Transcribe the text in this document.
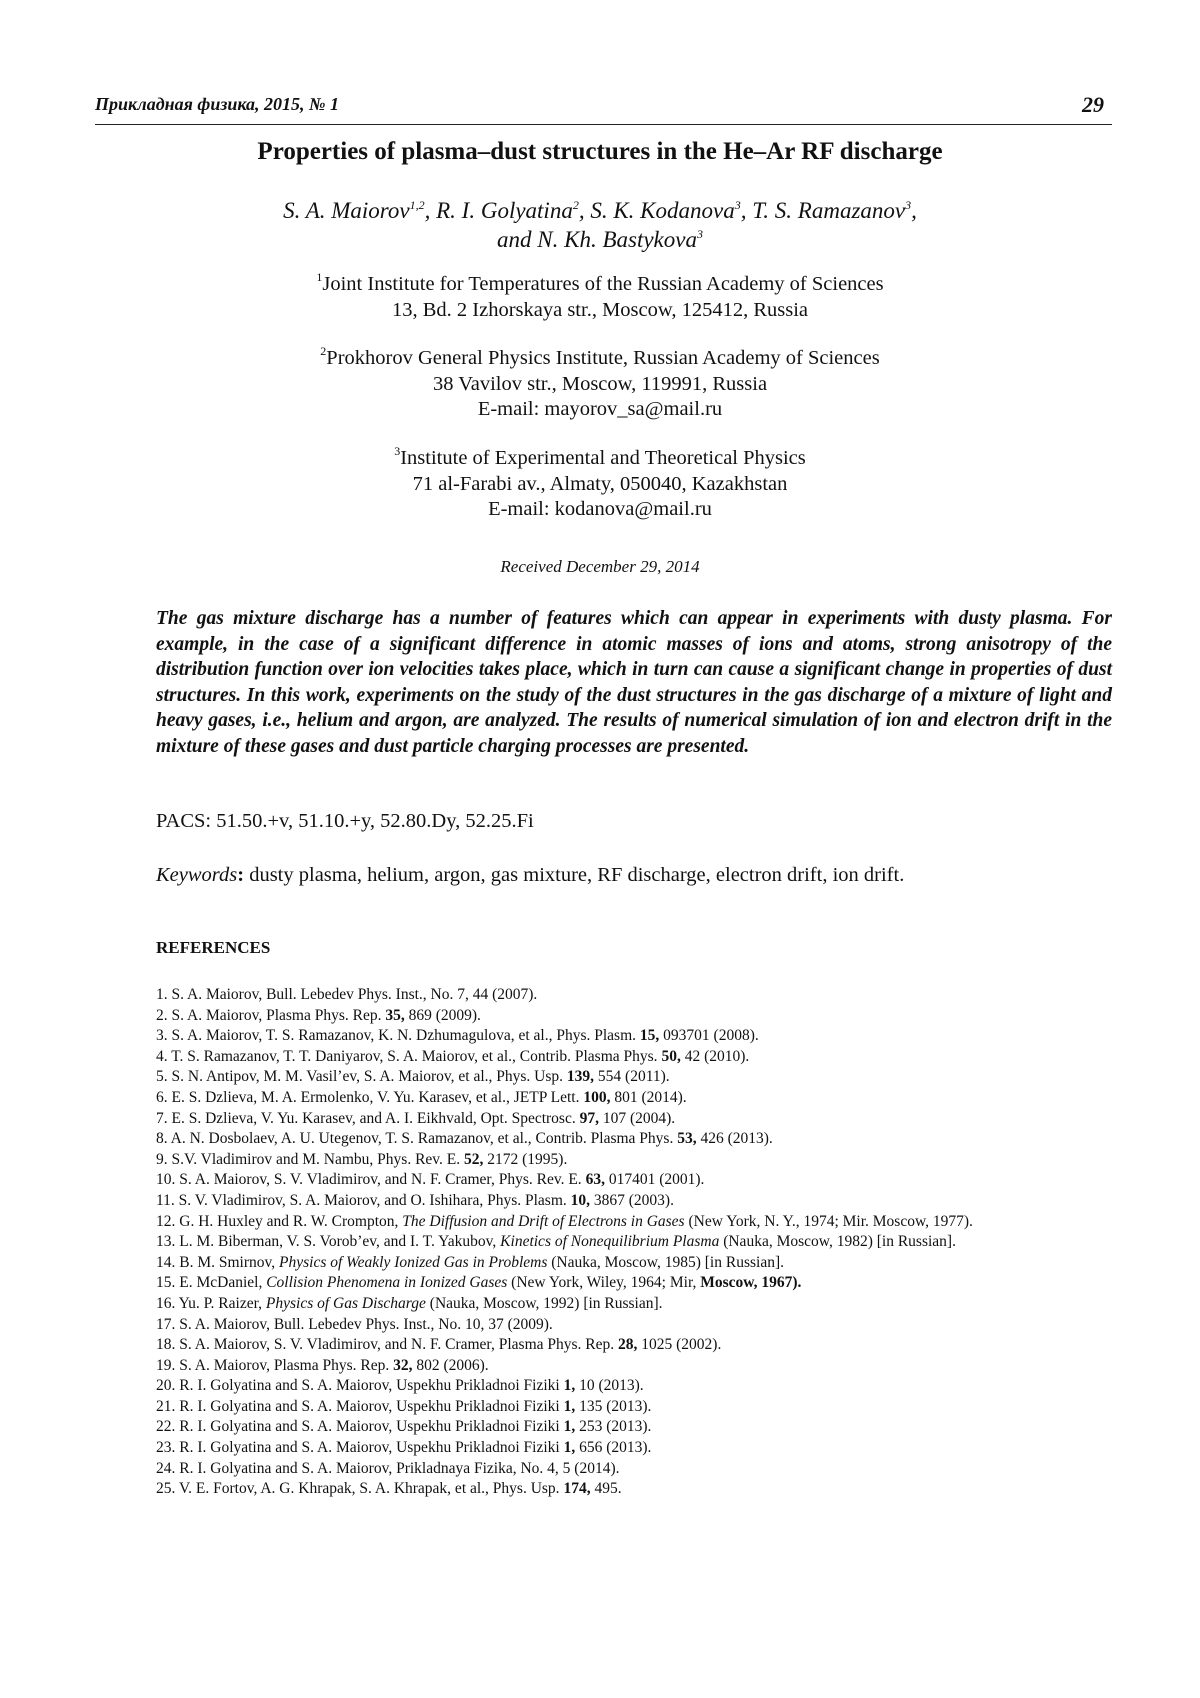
Прикладная физика, 2015, № 1	29
Properties of plasma–dust structures in the He–Ar RF discharge
S. A. Maiorov$^{1,2}$, R. I. Golyatina$^2$, S. K. Kodanova$^3$, T. S. Ramazanov$^3$,
and N. Kh. Bastykova$^3$
$^1$Joint Institute for Temperatures of the Russian Academy of Sciences
13, Bd. 2 Izhorskaya str., Moscow, 125412, Russia
$^2$Prokhorov General Physics Institute, Russian Academy of Sciences
38 Vavilov str., Moscow, 119991, Russia
E-mail: mayorov_sa@mail.ru
$^3$Institute of Experimental and Theoretical Physics
71 al-Farabi av., Almaty, 050040, Kazakhstan
E-mail: kodanova@mail.ru
Received December 29, 2014
The gas mixture discharge has a number of features which can appear in experiments with dusty plasma. For example, in the case of a significant difference in atomic masses of ions and atoms, strong anisotropy of the distribution function over ion velocities takes place, which in turn can cause a significant change in properties of dust structures. In this work, experiments on the study of the dust structures in the gas discharge of a mixture of light and heavy gases, i.e., helium and argon, are analyzed. The results of numerical simulation of ion and electron drift in the mixture of these gases and dust particle charging processes are presented.
PACS: 51.50.+v, 51.10.+y, 52.80.Dy, 52.25.Fi
Keywords: dusty plasma, helium, argon, gas mixture, RF discharge, electron drift, ion drift.
REFERENCES
1. S. A. Maiorov, Bull. Lebedev Phys. Inst., No. 7, 44 (2007).
2. S. A. Maiorov, Plasma Phys. Rep. 35, 869 (2009).
3. S. A. Maiorov, T. S. Ramazanov, K. N. Dzhumagulova, et al., Phys. Plasm. 15, 093701 (2008).
4. T. S. Ramazanov, T. T. Daniyarov, S. A. Maiorov, et al., Contrib. Plasma Phys. 50, 42 (2010).
5. S. N. Antipov, M. M. Vasil’ev, S. A. Maiorov, et al., Phys. Usp. 139, 554 (2011).
6. E. S. Dzlieva, M. A. Ermolenko, V. Yu. Karasev, et al., JETP Lett. 100, 801 (2014).
7. E. S. Dzlieva, V. Yu. Karasev, and A. I. Eikhvald, Opt. Spectrosc. 97, 107 (2004).
8. A. N. Dosbolaev, A. U. Utegenov, T. S. Ramazanov, et al., Contrib. Plasma Phys. 53, 426 (2013).
9. S.V. Vladimirov and M. Nambu, Phys. Rev. E. 52, 2172 (1995).
10. S. A. Maiorov, S. V. Vladimirov, and N. F. Cramer, Phys. Rev. E. 63, 017401 (2001).
11. S. V. Vladimirov, S. A. Maiorov, and O. Ishihara, Phys. Plasm. 10, 3867 (2003).
12. G. H. Huxley and R. W. Crompton, The Diffusion and Drift of Electrons in Gases (New York, N. Y., 1974; Mir. Moscow, 1977).
13. L. M. Biberman, V. S. Vorob’ev, and I. T. Yakubov, Kinetics of Nonequilibrium Plasma (Nauka, Moscow, 1982) [in Russian].
14. B. M. Smirnov, Physics of Weakly Ionized Gas in Problems (Nauka, Moscow, 1985) [in Russian].
15. E. McDaniel, Collision Phenomena in Ionized Gases (New York, Wiley, 1964; Mir, Moscow, 1967).
16. Yu. P. Raizer, Physics of Gas Discharge (Nauka, Moscow, 1992) [in Russian].
17. S. A. Maiorov, Bull. Lebedev Phys. Inst., No. 10, 37 (2009).
18. S. A. Maiorov, S. V. Vladimirov, and N. F. Cramer, Plasma Phys. Rep. 28, 1025 (2002).
19. S. A. Maiorov, Plasma Phys. Rep. 32, 802 (2006).
20. R. I. Golyatina and S. A. Maiorov, Uspekhu Prikladnoi Fiziki 1, 10 (2013).
21. R. I. Golyatina and S. A. Maiorov, Uspekhu Prikladnoi Fiziki 1, 135 (2013).
22. R. I. Golyatina and S. A. Maiorov, Uspekhu Prikladnoi Fiziki 1, 253 (2013).
23. R. I. Golyatina and S. A. Maiorov, Uspekhu Prikladnoi Fiziki 1, 656 (2013).
24. R. I. Golyatina and S. A. Maiorov, Prikladnaya Fizika, No. 4, 5 (2014).
25. V. E. Fortov, A. G. Khrapak, S. A. Khrapak, et al., Phys. Usp. 174, 495.
